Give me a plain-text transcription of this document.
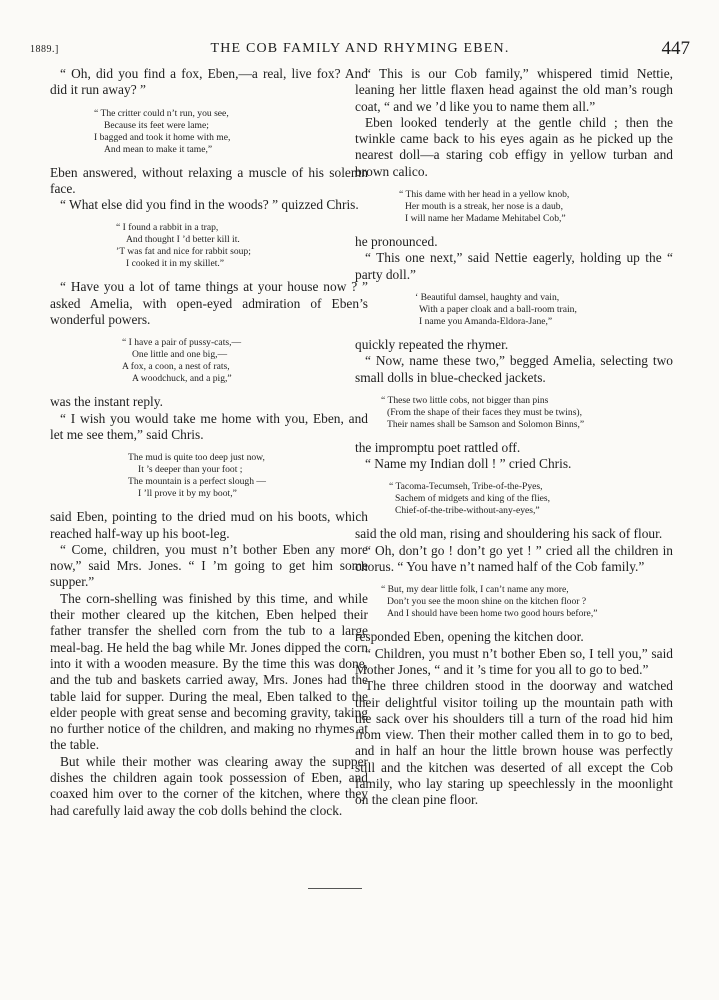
1889.]	THE COB FAMILY AND RHYMING EBEN.	447

“ Oh, did you find a fox, Eben,—a real, live fox? And did it run away? ”

“ The critter could n’t run, you see,
Because its feet were lame;
I bagged and took it home with me,
And mean to make it tame,”

Eben answered, without relaxing a muscle of his solemn face.

“ What else did you find in the woods? ” quizzed Chris.

“ I found a rabbit in a trap,
And thought I ’d better kill it.
’T was fat and nice for rabbit soup;
I cooked it in my skillet.”

“ Have you a lot of tame things at your house now ? ” asked Amelia, with open-eyed admiration of Eben’s wonderful powers.

“ I have a pair of pussy-cats,—
One little and one big,—
A fox, a coon, a nest of rats,
A woodchuck, and a pig,”

was the instant reply.

“ I wish you would take me home with you, Eben, and let me see them,” said Chris.

The mud is quite too deep just now,
It ’s deeper than your foot ;
The mountain is a perfect slough —
I ’ll prove it by my boot,”

said Eben, pointing to the dried mud on his boots, which reached half-way up his boot-leg.

“ Come, children, you must n’t bother Eben any more now,” said Mrs. Jones. “ I ’m going to get him some supper.”

The corn-shelling was finished by this time, and while their mother cleared up the kitchen, Eben helped their father transfer the shelled corn from the tub to a large meal-bag. He held the bag while Mr. Jones dipped the corn into it with a wooden measure. By the time this was done, and the tub and baskets carried away, Mrs. Jones had the table laid for supper. During the meal, Eben talked to the elder people with great sense and becoming gravity, taking no further notice of the children, and making no rhymes at the table.

But while their mother was clearing away the supper dishes the children again took possession of Eben, and coaxed him over to the corner of the kitchen, where they had carefully laid away the cob dolls behind the clock.

“ This is our Cob family,” whispered timid Nettie, leaning her little flaxen head against the old man’s rough coat, “ and we ’d like you to name them all.”

Eben looked tenderly at the gentle child ; then the twinkle came back to his eyes again as he picked up the nearest doll—a staring cob effigy in yellow turban and brown calico.

“ This dame with her head in a yellow knob,
Her mouth is a streak, her nose is a daub,
I will name her Madame Mehitabel Cob,”

he pronounced.

“ This one next,” said Nettie eagerly, holding up the “ party doll.”

‘ Beautiful damsel, haughty and vain,
With a paper cloak and a ball-room train,
I name you Amanda-Eldora-Jane,”

quickly repeated the rhymer.

“ Now, name these two,” begged Amelia, selecting two small dolls in blue-checked jackets.

“ These two little cobs, not bigger than pins
(From the shape of their faces they must be twins),
Their names shall be Samson and Solomon Binns,”

the impromptu poet rattled off.

“ Name my Indian doll ! ” cried Chris.

“ Tacoma-Tecumseh, Tribe-of-the-Pyes,
Sachem of midgets and king of the flies,
Chief-of-the-tribe-without-any-eyes,”

said the old man, rising and shouldering his sack of flour.

“ Oh, don’t go ! don’t go yet ! ” cried all the children in chorus. “ You have n’t named half of the Cob family.”

“ But, my dear little folk, I can’t name any more,
Don’t you see the moon shine on the kitchen floor ?
And I should have been home two good hours before,”

responded Eben, opening the kitchen door.

“ Children, you must n’t bother Eben so, I tell you,” said Mother Jones, “ and it ’s time for you all to go to bed.”

The three children stood in the doorway and watched their delightful visitor toiling up the mountain path with the sack over his shoulders till a turn of the road hid him from view. Then their mother called them in to go to bed, and in half an hour the little brown house was perfectly still and the kitchen was deserted of all except the Cob family, who lay staring up speechlessly in the moonlight on the clean pine floor.
